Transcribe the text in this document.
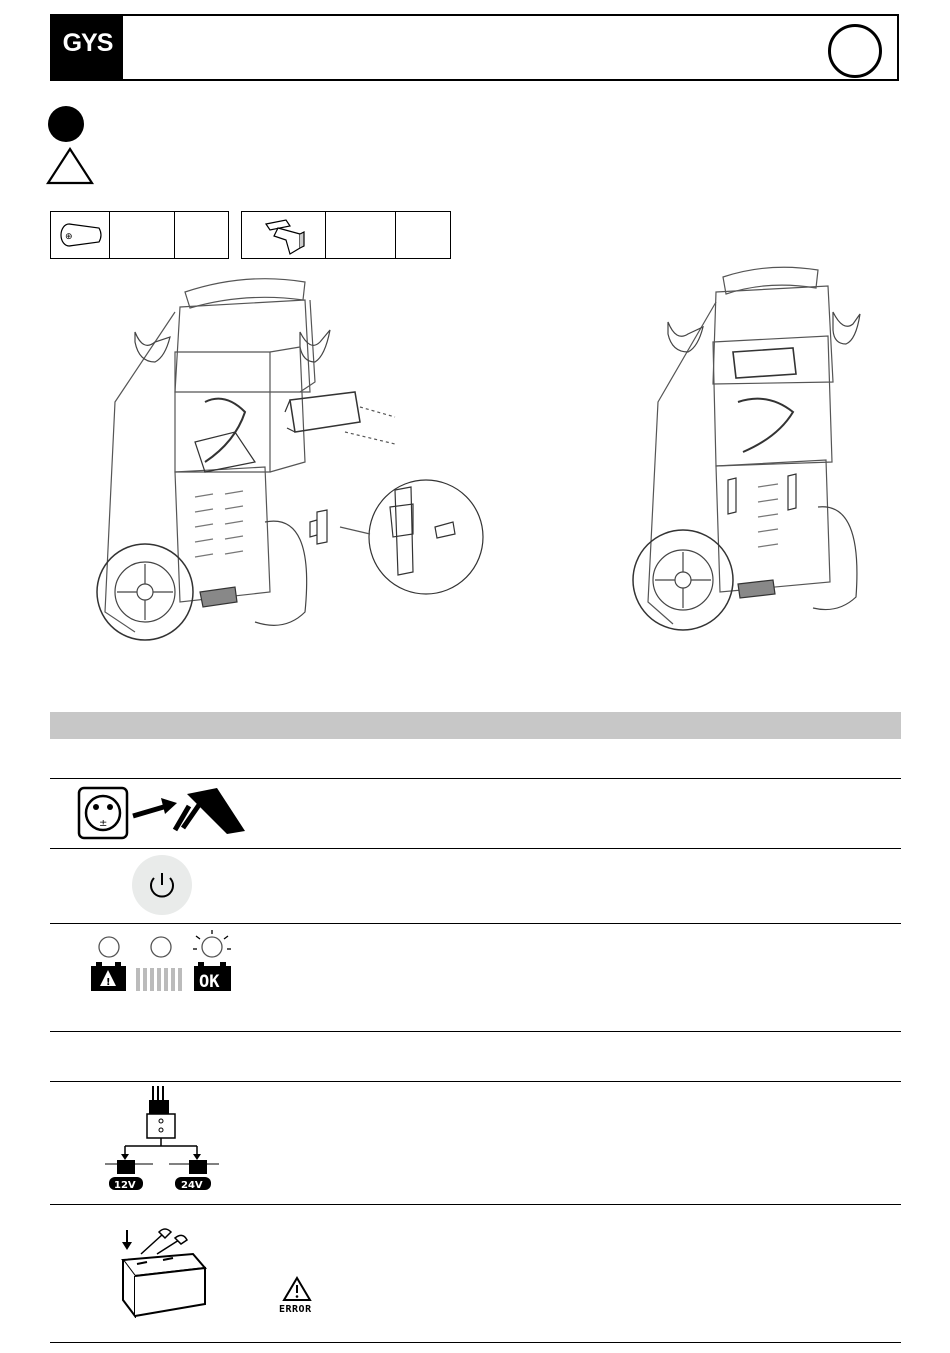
GYS
⊕
±
!	OK
12V	24V
ERROR
